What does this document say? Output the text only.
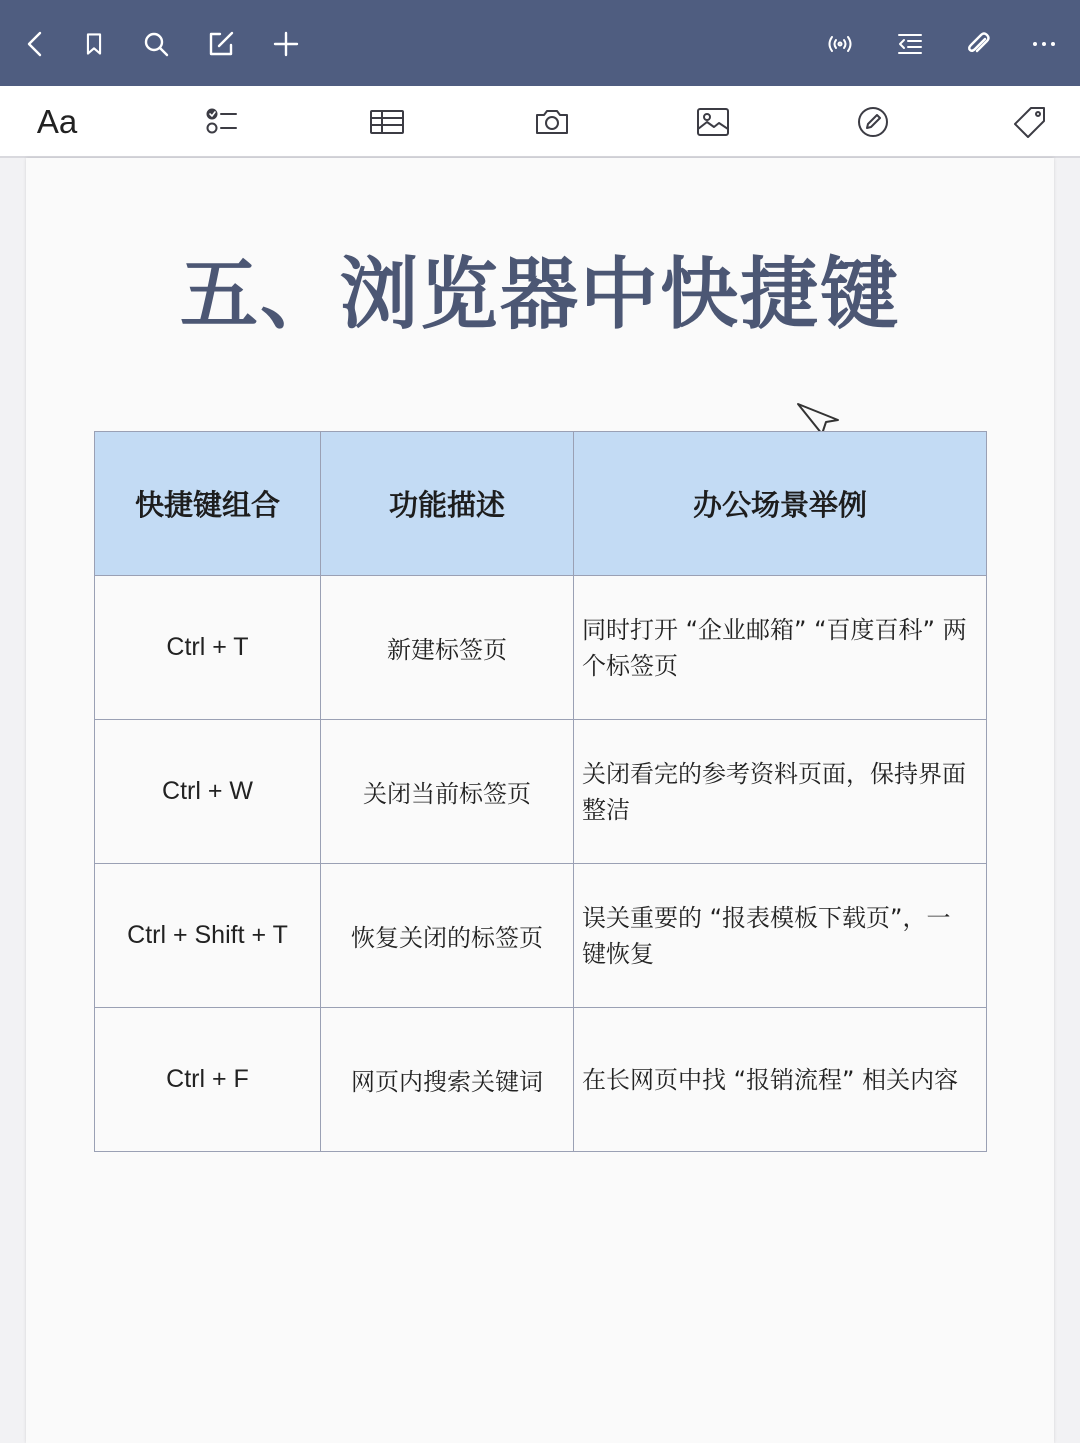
Aa
五、浏览器中快捷键
快捷键组合	功能描述	办公场景举例
Ctrl + T	新建标签页	同时打开 “企业邮箱” “百度百科” 两个标签页
Ctrl + W	关闭当前标签页	关闭看完的参考资料页面，保持界面整洁
Ctrl + Shift + T	恢复关闭的标签页	误关重要的 “报表模板下载页”，一键恢复
Ctrl + F	网页内搜索关键词	在长网页中找 “报销流程” 相关内容
